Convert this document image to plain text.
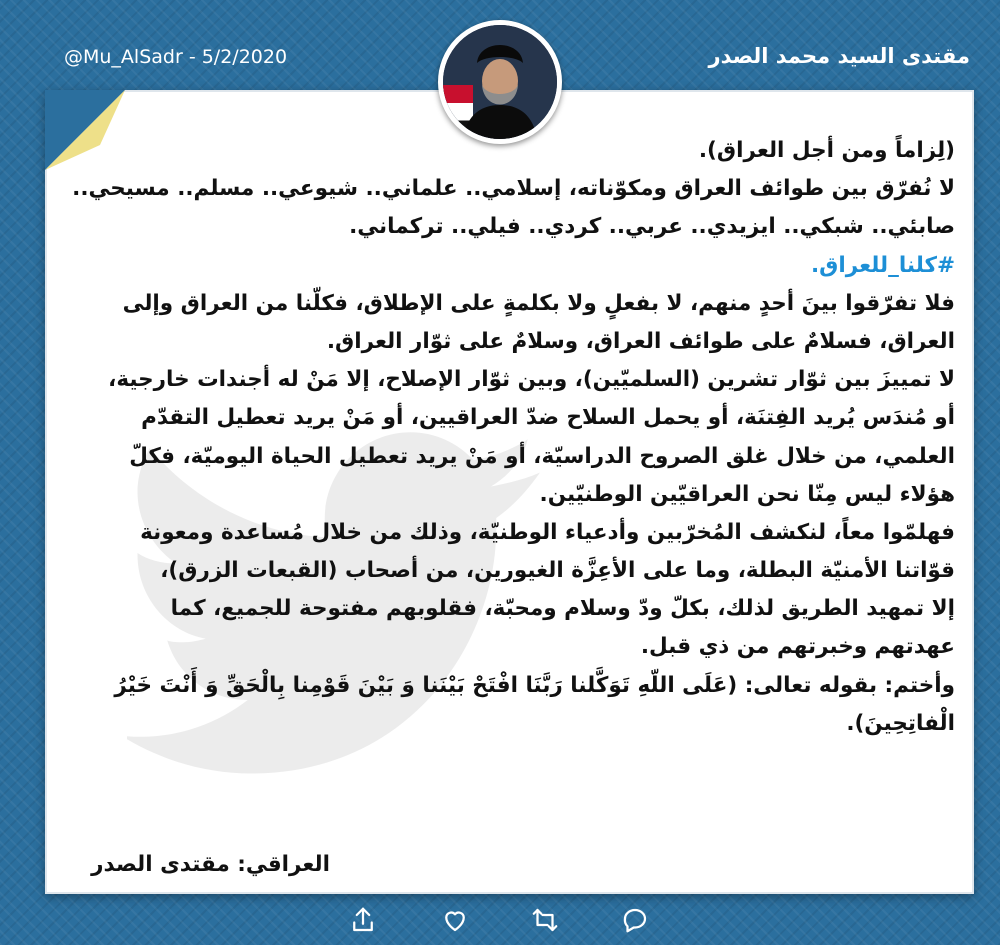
مقتدى السيد محمد الصدر
@Mu_AlSadr - 5/2/2020
(لِزاماً ومن أجل العراق).
لا نُفرّق بين طوائف العراق ومكوّناته، إسلامي.. علماني.. شيوعي.. مسلم.. مسيحي..
صابئي.. شبكي.. ايزيدي.. عربي.. كردي.. فيلي.. تركماني.
#كلنا_للعراق.
فلا تفرّقوا بينَ أحدٍ منهم، لا بفعلٍ ولا بكلمةٍ على الإطلاق، فكلّنا من العراق وإلى
العراق، فسلامٌ على طوائف العراق، وسلامٌ على ثوّار العراق.
لا تمييزَ بين ثوّار تشرين (السلميّين)، وبين ثوّار الإصلاح، إلا مَنْ له أجندات خارجية،
أو مُندَس يُريد الفِتنَة، أو يحمل السلاح ضدّ العراقيين، أو مَنْ يريد تعطيل التقدّم
العلمي، من خلال غلق الصروح الدراسيّة، أو مَنْ يريد تعطيل الحياة اليوميّة، فكلّ
هؤلاء ليس مِنّا نحن العراقيّين الوطنيّين.
فهلمّوا معاً، لنكشف المُخرّبين وأدعياء الوطنيّة، وذلك من خلال مُساعدة ومعونة
قوّاتنا الأمنيّة البطلة، وما على الأعِزَّة الغيورين، من أصحاب (القبعات الزرق)،
إلا تمهيد الطريق لذلك، بكلّ ودّ وسلام ومحبّة، فقلوبهم مفتوحة للجميع، كما
عهدتهم وخبرتهم من ذي قبل.
وأختم: بقوله تعالى: (عَلَى اللّهِ تَوَكَّلنا رَبَّنَا افْتَحْ بَيْنَنا وَ بَيْنَ قَوْمِنا بِالْحَقِّ وَ أَنْتَ خَيْرُ
الْفاتِحِينَ).
العراقي: مقتدى الصدر
